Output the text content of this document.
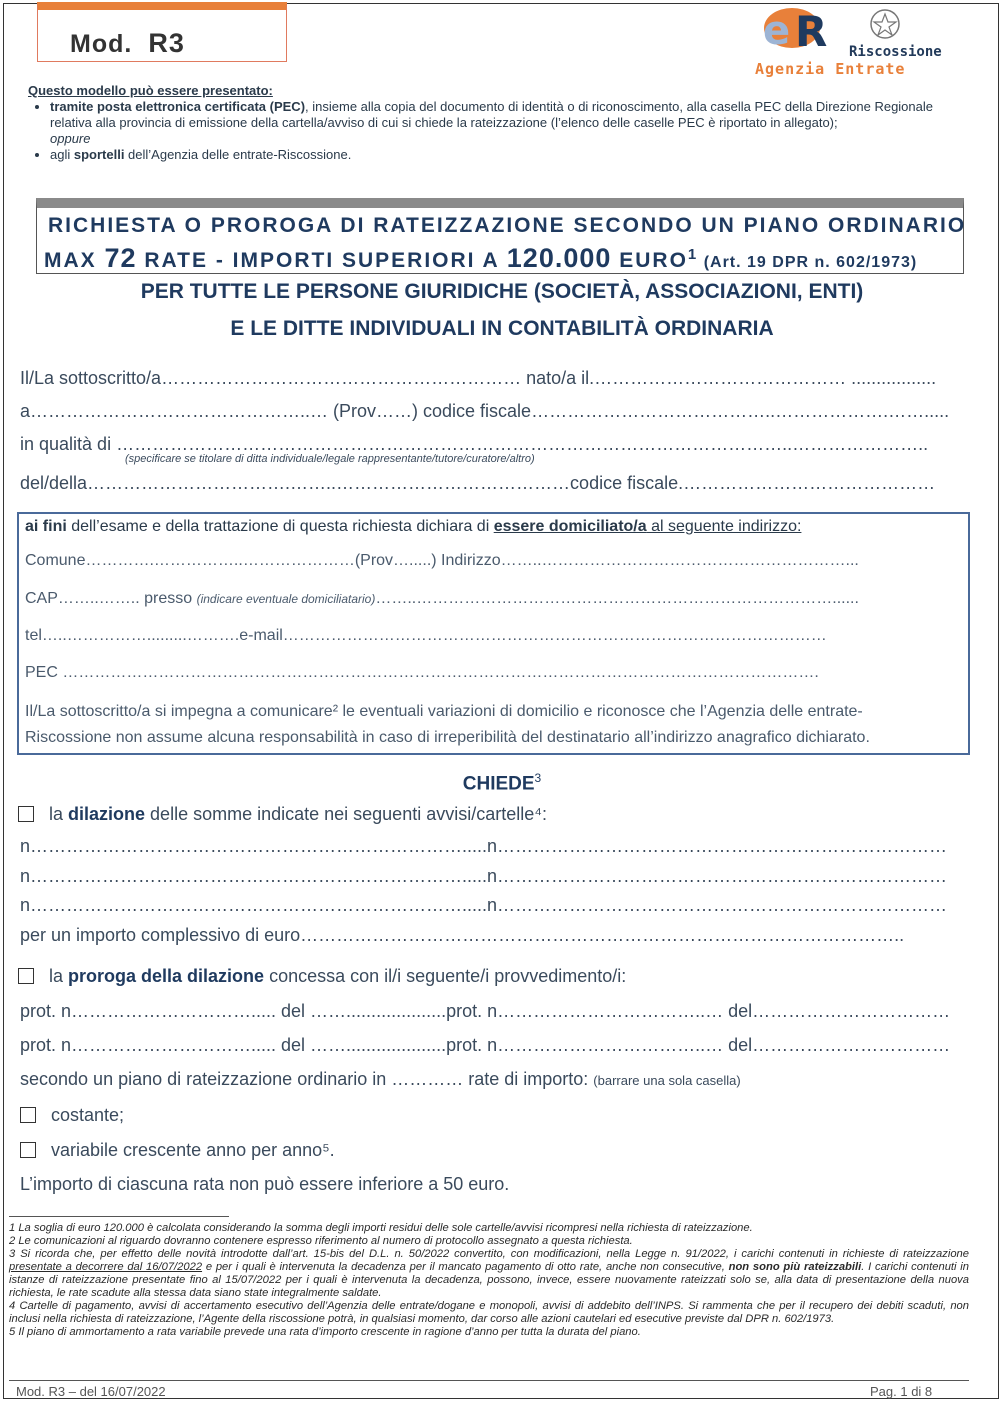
Mod. R3	e R Riscossione
Agenzia Entrate
Questo modello può essere presentato:
• tramite posta elettronica certificata (PEC), insieme alla copia del documento di identità o di riconoscimento, alla casella PEC della Direzione Regionale relativa alla provincia di emissione della cartella/avviso di cui si chiede la rateizzazione (l’elenco delle caselle PEC è riportato in allegato);
oppure
• agli sportelli dell’Agenzia delle entrate-Riscossione.
RICHIESTA O PROROGA DI RATEIZZAZIONE SECONDO UN PIANO ORDINARIO
MAX 72 RATE - IMPORTI SUPERIORI A 120.000 EURO$^1$ (Art. 19 DPR n. 602/1973)
PER TUTTE LE PERSONE GIURIDICHE (SOCIETÀ, ASSOCIAZIONI, ENTI)
E LE DITTE INDIVIDUALI IN CONTABILITÀ ORDINARIA
Il/La sottoscritto/a…………………………………………………… nato/a il.…………………………………… .................
a………………………………………..… (Prov……) codice fiscale…………………………………..……………….…….....
in qualità di …………………………………………………………………………………………………..…………………..
(specificare se titolare di ditta individuale/legale rappresentante/tutore/curatore/altro)
del/della…………………………….……..…………………………………codice fiscale.……………………………………
ai fini dell’esame e della trattazione di questa richiesta dichiara di essere domiciliato/a al seguente indirizzo:
Comune………….……………..…………………(Prov….....) Indirizzo……..…………………………………………………...
CAP……..…….. presso (indicare eventuale domiciliatario)……..……………………………………………………………………......
tel…..…………….........……….e-mail…………………………………………………………………………………………
PEC …………………………………………………………………………………………………………………………….
Il/La sottoscritto/a si impegna a comunicare² le eventuali variazioni di domicilio e riconosce che l’Agenzia delle entrate-
Riscossione non assume alcuna responsabilità in caso di irreperibilità del destinatario all’indirizzo anagrafico dichiarato.
CHIEDE$^3$
la dilazione delle somme indicate nei seguenti avvisi/cartelle⁴:
n……………………………………………………………….....n…………………………………………………………………
n……………………………………………………………….....n…………………………………………………………………
n……………………………………………………………….....n…………………………………………………………………
per un importo complessivo di euro………………………………………………………………………………………..
la proroga della dilazione concessa con il/i seguente/i provvedimento/i:
prot. n…………………………..... del ……....................prot. n……………………………..… del……………………………
prot. n…………………………..... del ……....................prot. n……………………………..… del……………………………
secondo un piano di rateizzazione ordinario in ………… rate di importo: (barrare una sola casella)
costante;
variabile crescente anno per anno⁵.
L’importo di ciascuna rata non può essere inferiore a 50 euro.
1 La soglia di euro 120.000 è calcolata considerando la somma degli importi residui delle sole cartelle/avvisi ricompresi nella richiesta di rateizzazione.
2 Le comunicazioni al riguardo dovranno contenere espresso riferimento al numero di protocollo assegnato a questa richiesta.
3 Si ricorda che, per effetto delle novità introdotte dall’art. 15-bis del D.L. n. 50/2022 convertito, con modificazioni, nella Legge n. 91/2022, i carichi contenuti in richieste di rateizzazione presentate a decorrere dal 16/07/2022 e per i quali è intervenuta la decadenza per il mancato pagamento di otto rate, anche non consecutive, non sono più rateizzabili. I carichi contenuti in istanze di rateizzazione presentate fino al 15/07/2022 per i quali è intervenuta la decadenza, possono, invece, essere nuovamente rateizzati solo se, alla data di presentazione della nuova richiesta, le rate scadute alla stessa data siano state integralmente saldate.
4 Cartelle di pagamento, avvisi di accertamento esecutivo dell’Agenzia delle entrate/dogane e monopoli, avvisi di addebito dell’INPS. Si rammenta che per il recupero dei debiti scaduti, non inclusi nella richiesta di rateizzazione, l’Agente della riscossione potrà, in qualsiasi momento, dar corso alle azioni cautelari ed esecutive previste dal DPR n. 602/1973.
5 Il piano di ammortamento a rata variabile prevede una rata d’importo crescente in ragione d’anno per tutta la durata del piano.
Mod. R3 – del 16/07/2022	Pag. 1 di 8
